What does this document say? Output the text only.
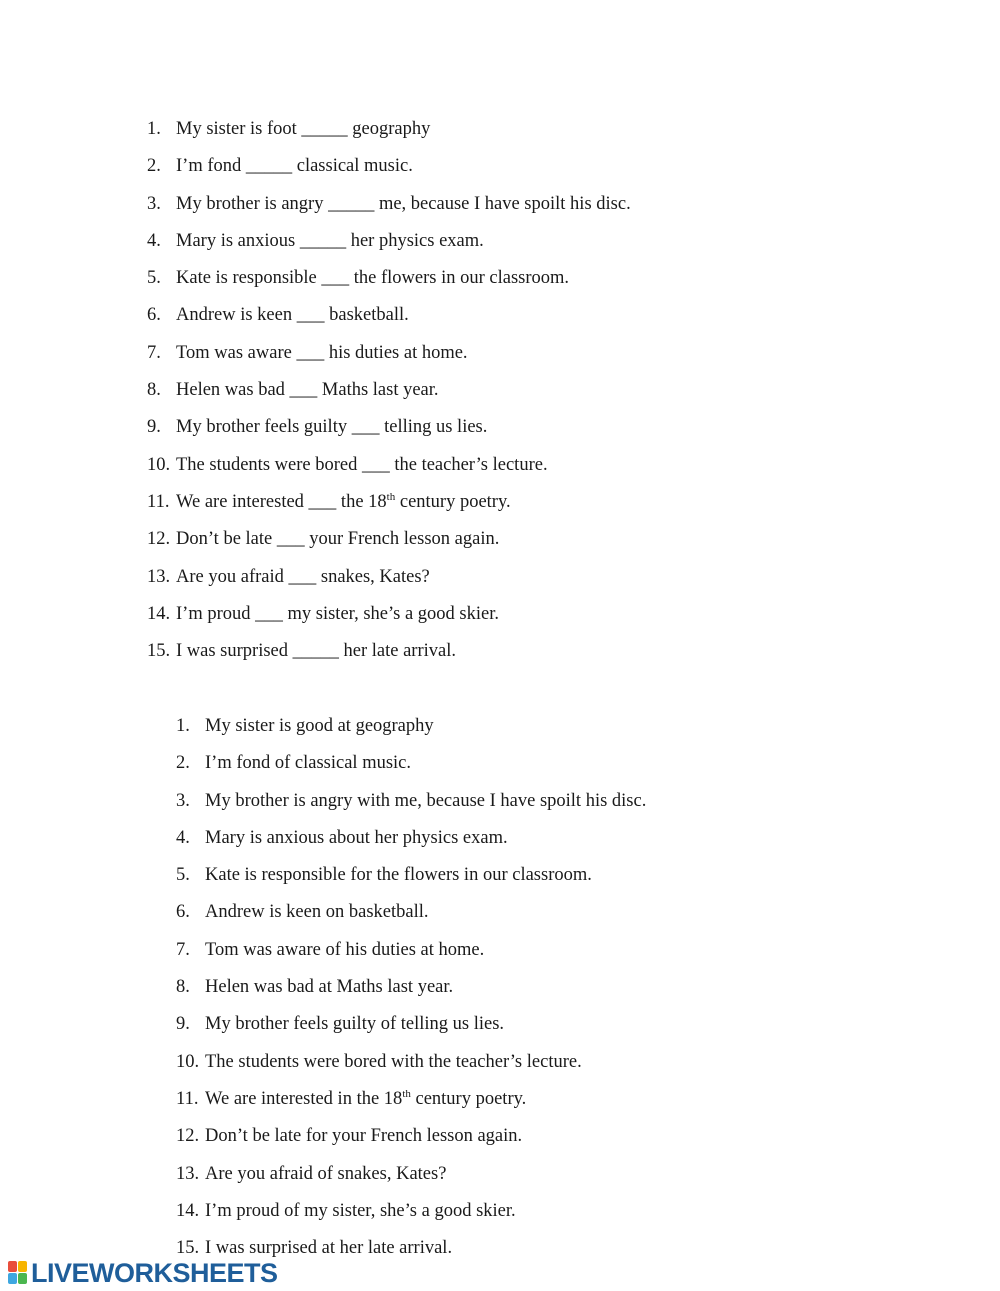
1. My sister is foot _____ geography
2. I’m fond _____ classical music.
3. My brother is angry _____ me, because I have spoilt his disc.
4. Mary is anxious _____ her physics exam.
5. Kate is responsible ___ the flowers in our classroom.
6. Andrew is keen ___ basketball.
7. Tom was aware ___ his duties at home.
8. Helen was bad ___ Maths last year.
9. My brother feels guilty ___ telling us lies.
10. The students were bored ___ the teacher’s lecture.
11. We are interested ___ the 18th century poetry.
12. Don’t be late ___ your French lesson again.
13. Are you afraid ___ snakes, Kates?
14. I’m proud ___ my sister, she’s a good skier.
15. I was surprised _____ her late arrival.
1. My sister is good at geography
2. I’m fond of classical music.
3. My brother is angry with me, because I have spoilt his disc.
4. Mary is anxious about her physics exam.
5. Kate is responsible for the flowers in our classroom.
6. Andrew is keen on basketball.
7. Tom was aware of his duties at home.
8. Helen was bad at Maths last year.
9. My brother feels guilty of telling us lies.
10. The students were bored with the teacher’s lecture.
11. We are interested in the 18th century poetry.
12. Don’t be late for your French lesson again.
13. Are you afraid of snakes, Kates?
14. I’m proud of my sister, she’s a good skier.
15. I was surprised at her late arrival.
LIVEWORKSHEETS
